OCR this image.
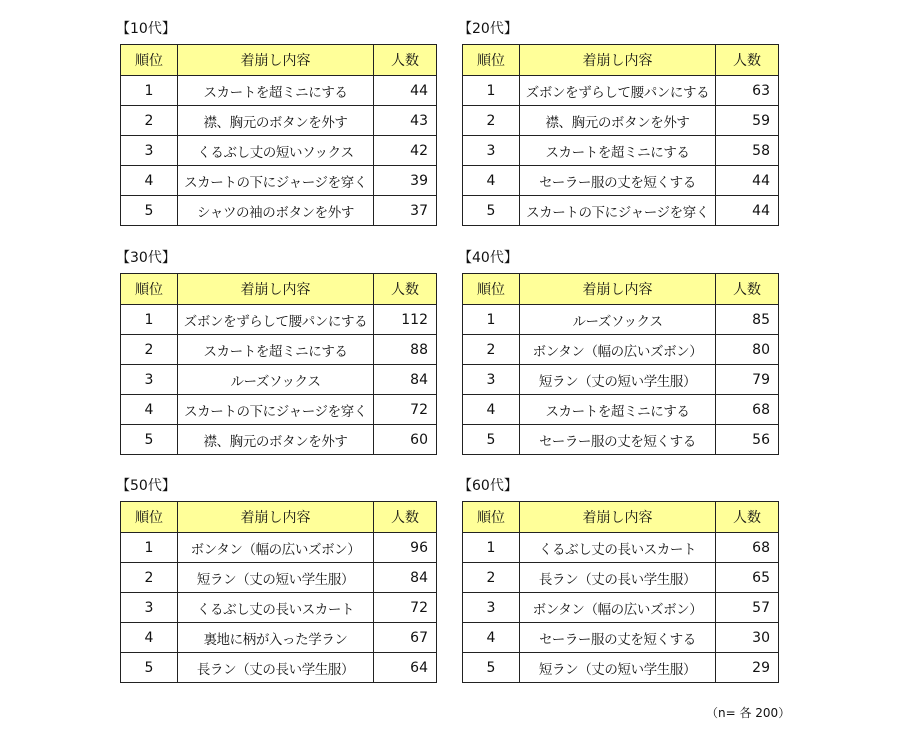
【10代】
順位	着崩し内容	人数
1	スカートを超ミニにする	44
2	襟、胸元のボタンを外す	43
3	くるぶし丈の短いソックス	42
4	スカートの下にジャージを穿く	39
5	シャツの袖のボタンを外す	37
【20代】
順位	着崩し内容	人数
1	ズボンをずらして腰パンにする	63
2	襟、胸元のボタンを外す	59
3	スカートを超ミニにする	58
4	セーラー服の丈を短くする	44
5	スカートの下にジャージを穿く	44
【30代】
順位	着崩し内容	人数
1	ズボンをずらして腰パンにする	112
2	スカートを超ミニにする	88
3	ルーズソックス	84
4	スカートの下にジャージを穿く	72
5	襟、胸元のボタンを外す	60
【40代】
順位	着崩し内容	人数
1	ルーズソックス	85
2	ボンタン（幅の広いズボン）	80
3	短ラン（丈の短い学生服）	79
4	スカートを超ミニにする	68
5	セーラー服の丈を短くする	56
【50代】
順位	着崩し内容	人数
1	ボンタン（幅の広いズボン）	96
2	短ラン（丈の短い学生服）	84
3	くるぶし丈の長いスカート	72
4	裏地に柄が入った学ラン	67
5	長ラン（丈の長い学生服）	64
【60代】
順位	着崩し内容	人数
1	くるぶし丈の長いスカート	68
2	長ラン（丈の長い学生服）	65
3	ボンタン（幅の広いズボン）	57
4	セーラー服の丈を短くする	30
5	短ラン（丈の短い学生服）	29
（n= 各 200）
